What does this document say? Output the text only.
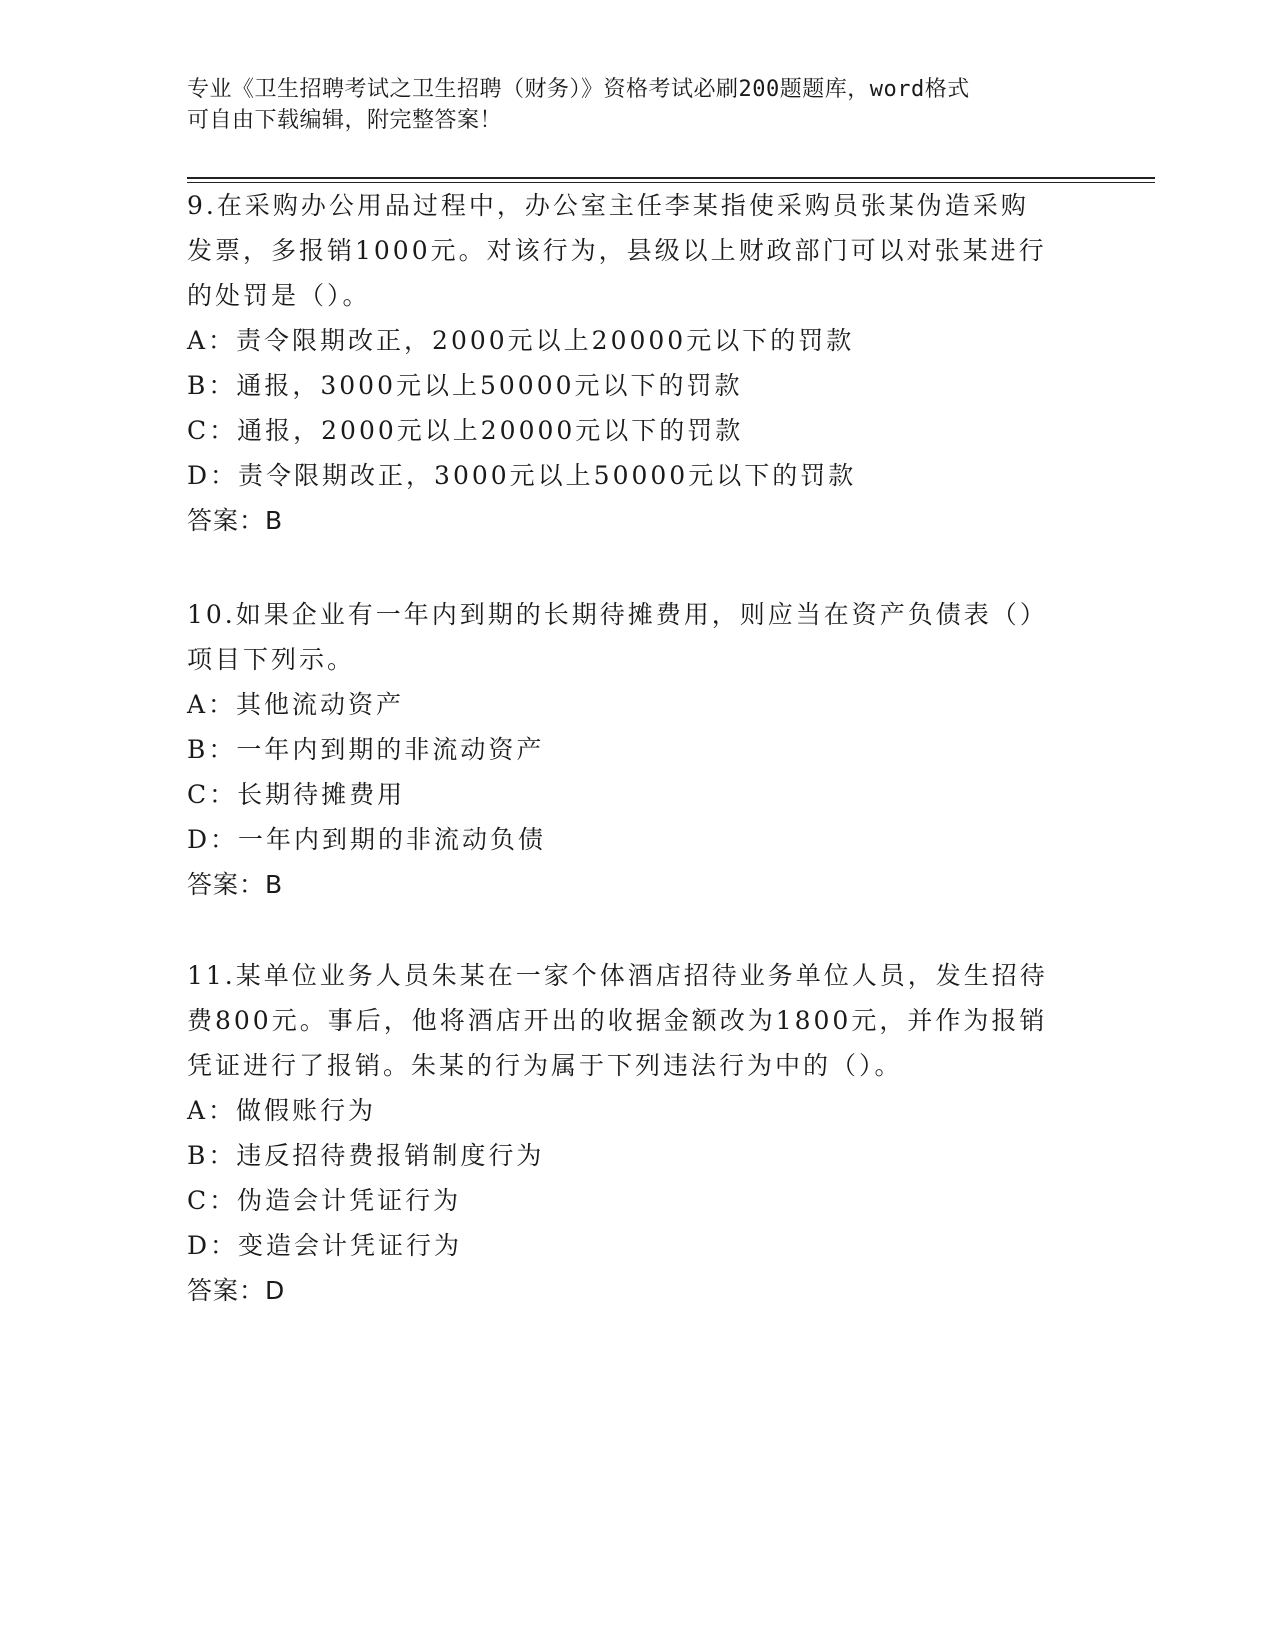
专业《卫生招聘考试之卫生招聘（财务）》资格考试必刷200题题库，word格式

可自由下载编辑，附完整答案！

9.在采购办公用品过程中，办公室主任李某指使采购员张某伪造采购

发票，多报销1000元。对该行为，县级以上财政部门可以对张某进行

的处罚是（）。

A：责令限期改正，2000元以上20000元以下的罚款

B：通报，3000元以上50000元以下的罚款

C：通报，2000元以上20000元以下的罚款

D：责令限期改正，3000元以上50000元以下的罚款

答案：B

10.如果企业有一年内到期的长期待摊费用，则应当在资产负债表（）

项目下列示。

A：其他流动资产

B：一年内到期的非流动资产

C：长期待摊费用

D：一年内到期的非流动负债

答案：B

11.某单位业务人员朱某在一家个体酒店招待业务单位人员，发生招待

费800元。事后，他将酒店开出的收据金额改为1800元，并作为报销

凭证进行了报销。朱某的行为属于下列违法行为中的（）。

A：做假账行为

B：违反招待费报销制度行为

C：伪造会计凭证行为

D：变造会计凭证行为

答案：D
